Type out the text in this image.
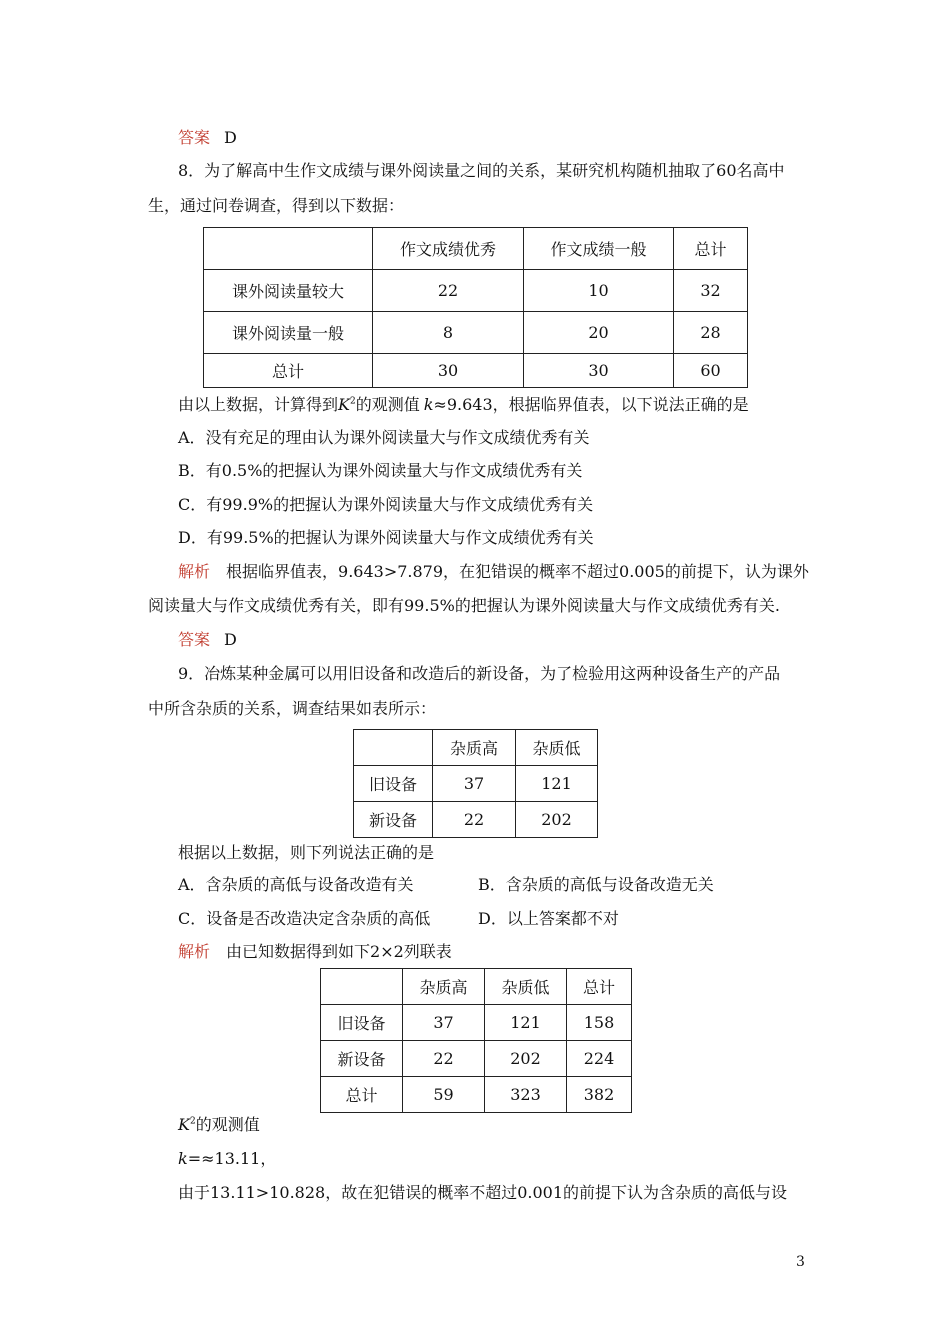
答案 D
8．为了解高中生作文成绩与课外阅读量之间的关系，某研究机构随机抽取了60名高中
生，通过问卷调查，得到以下数据：
	作文成绩优秀	作文成绩一般	总计
课外阅读量较大	22	10	32
课外阅读量一般	8	20	28
总计	30	30	60
由以上数据，计算得到$K^2$的观测值 k≈9.643，根据临界值表，以下说法正确的是
A．没有充足的理由认为课外阅读量大与作文成绩优秀有关
B．有0.5%的把握认为课外阅读量大与作文成绩优秀有关
C．有99.9%的把握认为课外阅读量大与作文成绩优秀有关
D．有99.5%的把握认为课外阅读量大与作文成绩优秀有关
解析 根据临界值表，9.643>7.879，在犯错误的概率不超过0.005的前提下，认为课外
阅读量大与作文成绩优秀有关，即有99.5%的把握认为课外阅读量大与作文成绩优秀有关.
答案 D
9．冶炼某种金属可以用旧设备和改造后的新设备，为了检验用这两种设备生产的产品
中所含杂质的关系，调查结果如表所示：
	杂质高	杂质低
旧设备	37	121
新设备	22	202
根据以上数据，则下列说法正确的是
A．含杂质的高低与设备改造有关	B．含杂质的高低与设备改造无关
C．设备是否改造决定含杂质的高低	D．以上答案都不对
解析 由已知数据得到如下2×2列联表
	杂质高	杂质低	总计
旧设备	37	121	158
新设备	22	202	224
总计	59	323	382
$K^2$的观测值
k=≈13.11，
由于13.11>10.828，故在犯错误的概率不超过0.001的前提下认为含杂质的高低与设
3
